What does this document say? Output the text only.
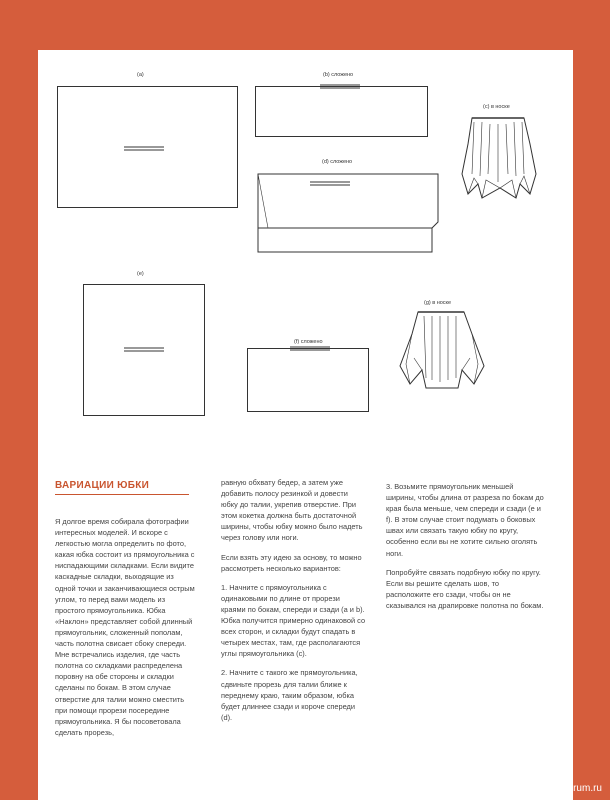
(a)	(b) сложено
(c) в носке
(d) сложено
(e)
(f) сложено
(g) в носке
ВАРИАЦИИ ЮБКИ

Я долгое время собирала фотографии интересных моделей. И вскоре с легкостью могла определить по фото, какая юбка состоит из прямоугольника с ниспадающими складками. Если видите каскадные складки, выходящие из одной точки и заканчивающиеся острым углом, то перед вами модель из простого прямоугольника. Юбка «Наклон» представляет собой длинный прямоугольник, сложенный пополам, часть полотна свисает сбоку спереди. Мне встречались изделия, где часть полотна со складками распределена поровну на обе стороны и складки сделаны по бокам. В этом случае отверстие для талии можно сместить при помощи прорези посередине прямоугольника. Я бы посоветовала сделать прорезь,

равную обхвату бедер, а затем уже добавить полосу резинкой и довести юбку до талии, укрепив отверстие. При этом кокетка должна быть достаточной ширины, чтобы юбку можно было надеть через голову или ноги.

Если взять эту идею за основу, то можно рассмотреть несколько вариантов:

1. Начните с прямоугольника с одинаковыми по длине от прорези краями по бокам, спереди и сзади (a и b). Юбка получится примерно одинаковой со всех сторон, и складки будут спадать в четырех местах, там, где располагаются углы прямоугольника (c).

2. Начните с такого же прямоугольника, сдвиньте прорезь для талии ближе к переднему краю, таким образом, юбка будет длиннее сзади и короче спереди (d).

3. Возьмите прямоугольник меньшей ширины, чтобы длина от разреза по бокам до края была меньше, чем спереди и сзади (e и f). В этом случае стоит подумать о боковых швах или связать такую юбку по кругу, особенно если вы не хотите сильно оголять ноги.

Попробуйте связать подобную юбку по кругу. Если вы решите сделать шов, то расположите его сзади, чтобы он не сказывался на драпировке полотна по бокам.

PassionForum.ru
